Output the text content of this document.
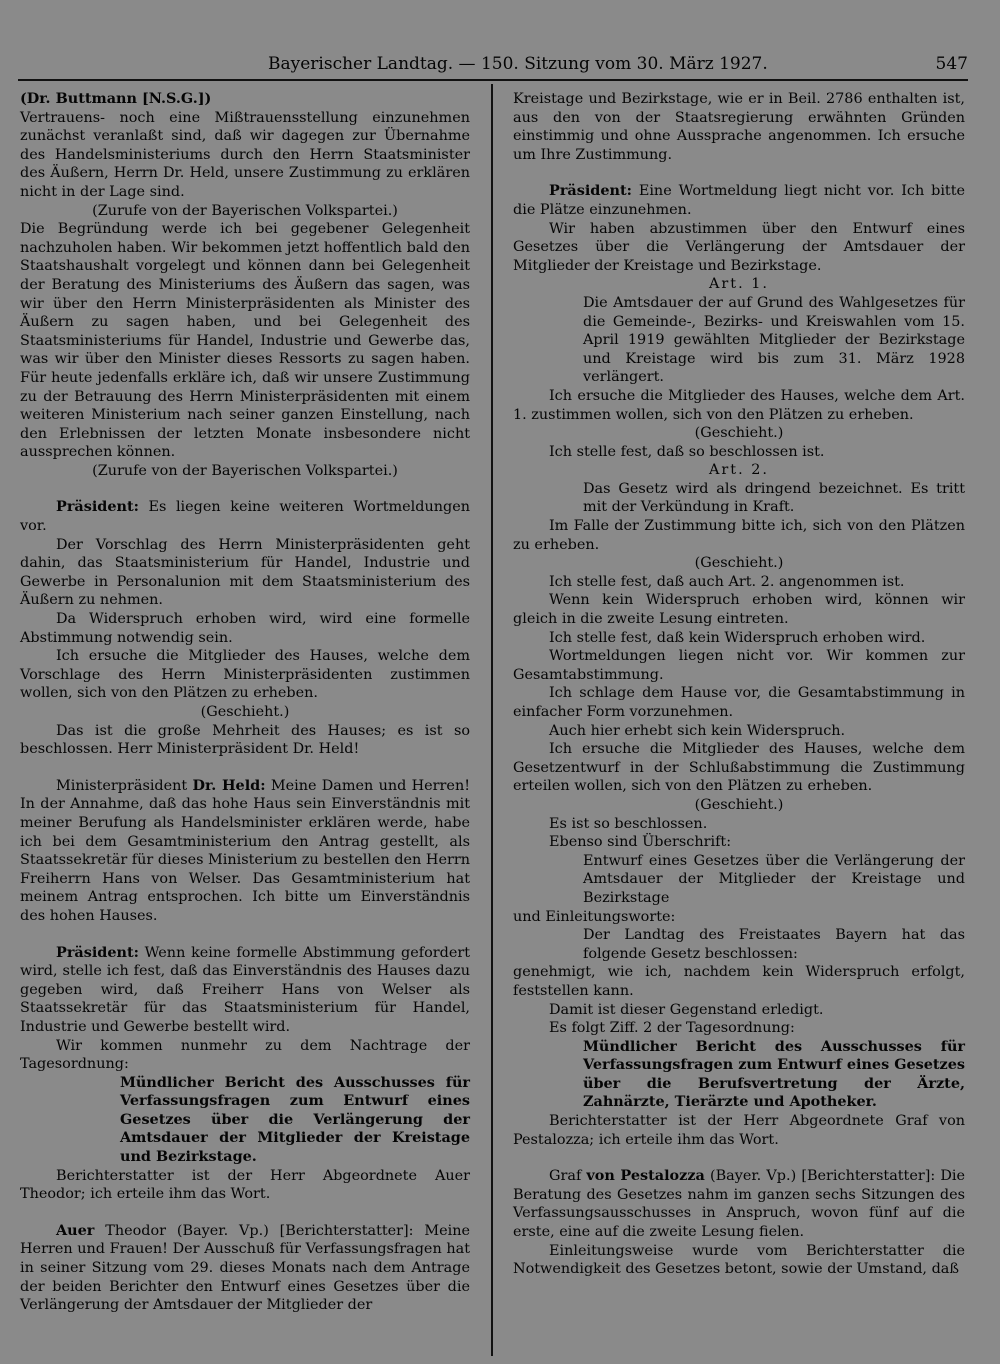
Bayerischer Landtag. — 150. Sitzung vom 30. März 1927.	547

(Dr. Buttmann [N.S.G.])

Vertrauens- noch eine Mißtrauensstellung einzunehmen zunächst veranlaßt sind, daß wir dagegen zur Übernahme des Handelsministeriums durch den Herrn Staatsminister des Äußern, Herrn Dr. Held, unsere Zustimmung zu erklären nicht in der Lage sind.

(Zurufe von der Bayerischen Volkspartei.)

Die Begründung werde ich bei gegebener Gelegenheit nachzuholen haben. Wir bekommen jetzt hoffentlich bald den Staatshaushalt vorgelegt und können dann bei Gelegenheit der Beratung des Ministeriums des Äußern das sagen, was wir über den Herrn Ministerpräsidenten als Minister des Äußern zu sagen haben, und bei Gelegenheit des Staatsministeriums für Handel, Industrie und Gewerbe das, was wir über den Minister dieses Ressorts zu sagen haben. Für heute jedenfalls erkläre ich, daß wir unsere Zustimmung zu der Betrauung des Herrn Ministerpräsidenten mit einem weiteren Ministerium nach seiner ganzen Einstellung, nach den Erlebnissen der letzten Monate insbesondere nicht aussprechen können.

(Zurufe von der Bayerischen Volkspartei.)

Präsident: Es liegen keine weiteren Wortmeldungen vor.

Der Vorschlag des Herrn Ministerpräsidenten geht dahin, das Staatsministerium für Handel, Industrie und Gewerbe in Personalunion mit dem Staatsministerium des Äußern zu nehmen.

Da Widerspruch erhoben wird, wird eine formelle Abstimmung notwendig sein.

Ich ersuche die Mitglieder des Hauses, welche dem Vorschlage des Herrn Ministerpräsidenten zustimmen wollen, sich von den Plätzen zu erheben.

(Geschieht.)

Das ist die große Mehrheit des Hauses; es ist so beschlossen. Herr Ministerpräsident Dr. Held!

Ministerpräsident Dr. Held: Meine Damen und Herren! In der Annahme, daß das hohe Haus sein Einverständnis mit meiner Berufung als Handelsminister erklären werde, habe ich bei dem Gesamtministerium den Antrag gestellt, als Staatssekretär für dieses Ministerium zu bestellen den Herrn Freiherrn Hans von Welser. Das Gesamtministerium hat meinem Antrag entsprochen. Ich bitte um Einverständnis des hohen Hauses.

Präsident: Wenn keine formelle Abstimmung gefordert wird, stelle ich fest, daß das Einverständnis des Hauses dazu gegeben wird, daß Freiherr Hans von Welser als Staatssekretär für das Staatsministerium für Handel, Industrie und Gewerbe bestellt wird.

Wir kommen nunmehr zu dem Nachtrage der Tagesordnung:

Mündlicher Bericht des Ausschusses für Verfassungsfragen zum Entwurf eines Gesetzes über die Verlängerung der Amtsdauer der Mitglieder der Kreistage und Bezirkstage.

Berichterstatter ist der Herr Abgeordnete Auer Theodor; ich erteile ihm das Wort.

Auer Theodor (Bayer. Vp.) [Berichterstatter]: Meine Herren und Frauen! Der Ausschuß für Verfassungsfragen hat in seiner Sitzung vom 29. dieses Monats nach dem Antrage der beiden Berichter den Entwurf eines Gesetzes über die Verlängerung der Amtsdauer der Mitglieder der

Kreistage und Bezirkstage, wie er in Beil. 2786 enthalten ist, aus den von der Staatsregierung erwähnten Gründen einstimmig und ohne Aussprache angenommen. Ich ersuche um Ihre Zustimmung.

Präsident: Eine Wortmeldung liegt nicht vor. Ich bitte die Plätze einzunehmen.

Wir haben abzustimmen über den Entwurf eines Gesetzes über die Verlängerung der Amtsdauer der Mitglieder der Kreistage und Bezirkstage.

Art. 1.

Die Amtsdauer der auf Grund des Wahlgesetzes für die Gemeinde-, Bezirks- und Kreiswahlen vom 15. April 1919 gewählten Mitglieder der Bezirkstage und Kreistage wird bis zum 31. März 1928 verlängert.

Ich ersuche die Mitglieder des Hauses, welche dem Art. 1. zustimmen wollen, sich von den Plätzen zu erheben.

(Geschieht.)

Ich stelle fest, daß so beschlossen ist.

Art. 2.

Das Gesetz wird als dringend bezeichnet. Es tritt mit der Verkündung in Kraft.

Im Falle der Zustimmung bitte ich, sich von den Plätzen zu erheben.

(Geschieht.)

Ich stelle fest, daß auch Art. 2. angenommen ist.

Wenn kein Widerspruch erhoben wird, können wir gleich in die zweite Lesung eintreten.

Ich stelle fest, daß kein Widerspruch erhoben wird.

Wortmeldungen liegen nicht vor. Wir kommen zur Gesamtabstimmung.

Ich schlage dem Hause vor, die Gesamtabstimmung in einfacher Form vorzunehmen.

Auch hier erhebt sich kein Widerspruch.

Ich ersuche die Mitglieder des Hauses, welche dem Gesetzentwurf in der Schlußabstimmung die Zustimmung erteilen wollen, sich von den Plätzen zu erheben.

(Geschieht.)

Es ist so beschlossen.

Ebenso sind Überschrift:

Entwurf eines Gesetzes über die Verlängerung der Amtsdauer der Mitglieder der Kreistage und Bezirkstage

und Einleitungsworte:

Der Landtag des Freistaates Bayern hat das folgende Gesetz beschlossen:

genehmigt, wie ich, nachdem kein Widerspruch erfolgt, feststellen kann.

Damit ist dieser Gegenstand erledigt.

Es folgt Ziff. 2 der Tagesordnung:

Mündlicher Bericht des Ausschusses für Verfassungsfragen zum Entwurf eines Gesetzes über die Berufsvertretung der Ärzte, Zahnärzte, Tierärzte und Apotheker.

Berichterstatter ist der Herr Abgeordnete Graf von Pestalozza; ich erteile ihm das Wort.

Graf von Pestalozza (Bayer. Vp.) [Berichterstatter]: Die Beratung des Gesetzes nahm im ganzen sechs Sitzungen des Verfassungsausschusses in Anspruch, wovon fünf auf die erste, eine auf die zweite Lesung fielen.

Einleitungsweise wurde vom Berichterstatter die Notwendigkeit des Gesetzes betont, sowie der Umstand, daß
